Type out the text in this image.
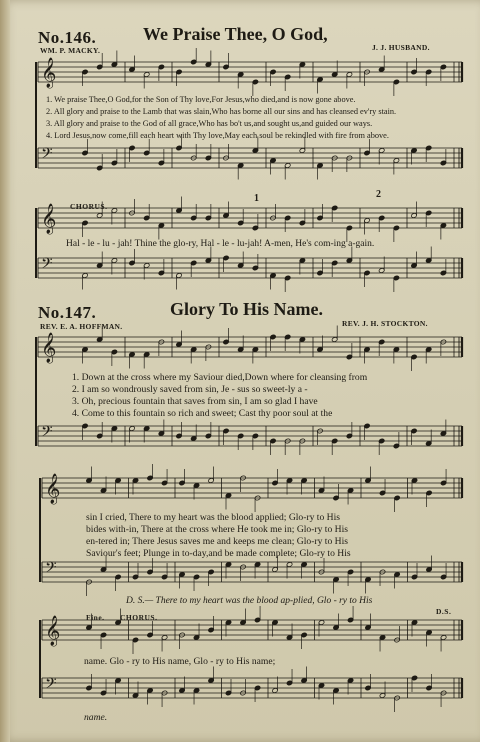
𝄞
𝄢
𝄞
𝄢
𝄞
𝄢
𝄞
𝄢
𝄞
𝄢
No.146.	We Praise Thee, O God,
WM. P. MACKY.	J. J. HUSBAND.
1. We praise Thee,O God,for the Son of Thy love,For Jesus,who died,and is now gone above.
2. All glory and praise to the Lamb that was slain,Who has borne all our sins and has cleansed ev'ry stain.
3. All glory and praise to the God of all grace,Who has bo't us,and sought us,and guided our ways.
4. Lord Jesus,now come,fill each heart with Thy love,May each soul be rekindled with fire from above.
CHORUS.
1	2
Hal - le - lu - jah! Thine the glo-ry, Hal - le - lu-jah! A-men, He's com-ing a-gain.
No.147.	Glory To His Name.
REV. E. A. HOFFMAN.	REV. J. H. STOCKTON.
1. Down at the cross where my Saviour died,Down where for cleansing from
2. I am so wondrously saved from sin, Je - sus so sweet-ly a -
3. Oh, precious fountain that saves from sin, I am so glad I have
4. Come to this fountain so rich and sweet; Cast thy poor soul at the
sin I cried, There to my heart was the blood applied; Glo-ry to His
bides with-in, There at the cross where He took me in; Glo-ry to His
en-tered in; There Jesus saves me and keeps me clean; Glo-ry to His
Saviour's feet; Plunge in to-day,and be made complete; Glo-ry to His
D. S.— There to my heart was the blood ap-plied, Glo - ry to His
Fine. CHORUS.
D.S.
name. Glo - ry to His name, Glo - ry to His name;
name.
